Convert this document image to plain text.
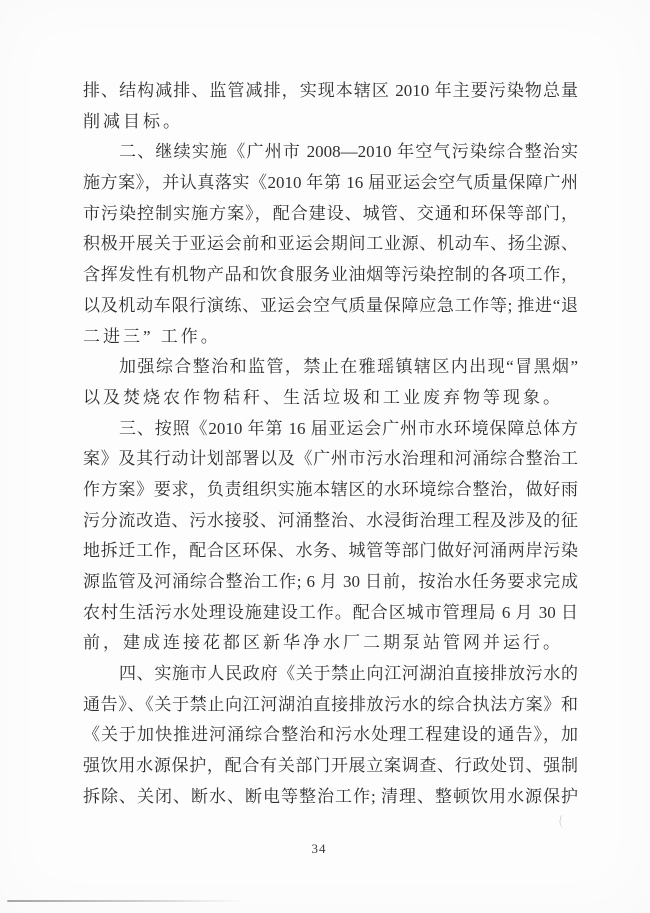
排、结构减排、监管减排，实现本辖区 2010 年主要污染物总量
削减目标。
二、继续实施《广州市 2008—2010 年空气污染综合整治实
施方案》，并认真落实《2010 年第 16 届亚运会空气质量保障广州
市污染控制实施方案》，配合建设、城管、交通和环保等部门，
积极开展关于亚运会前和亚运会期间工业源、机动车、扬尘源、
含挥发性有机物产品和饮食服务业油烟等污染控制的各项工作，
以及机动车限行演练、亚运会空气质量保障应急工作等; 推进“退
二进三” 工作。
加强综合整治和监管，禁止在雅瑶镇辖区内出现“冒黑烟”
以及焚烧农作物秸秆、生活垃圾和工业废弃物等现象。
三、按照《2010 年第 16 届亚运会广州市水环境保障总体方
案》及其行动计划部署以及《广州市污水治理和河涌综合整治工
作方案》要求，负责组织实施本辖区的水环境综合整治，做好雨
污分流改造、污水接驳、河涌整治、水浸街治理工程及涉及的征
地拆迁工作，配合区环保、水务、城管等部门做好河涌两岸污染
源监管及河涌综合整治工作; 6 月 30 日前，按治水任务要求完成
农村生活污水处理设施建设工作。配合区城市管理局 6 月 30 日
前，建成连接花都区新华净水厂二期泵站管网并运行。
四、实施市人民政府《关于禁止向江河湖泊直接排放污水的
通告》、《关于禁止向江河湖泊直接排放污水的综合执法方案》和
《关于加快推进河涌综合整治和污水处理工程建设的通告》，加
强饮用水源保护，配合有关部门开展立案调查、行政处罚、强制
拆除、关闭、断水、断电等整治工作; 清理、整顿饮用水源保护
34
